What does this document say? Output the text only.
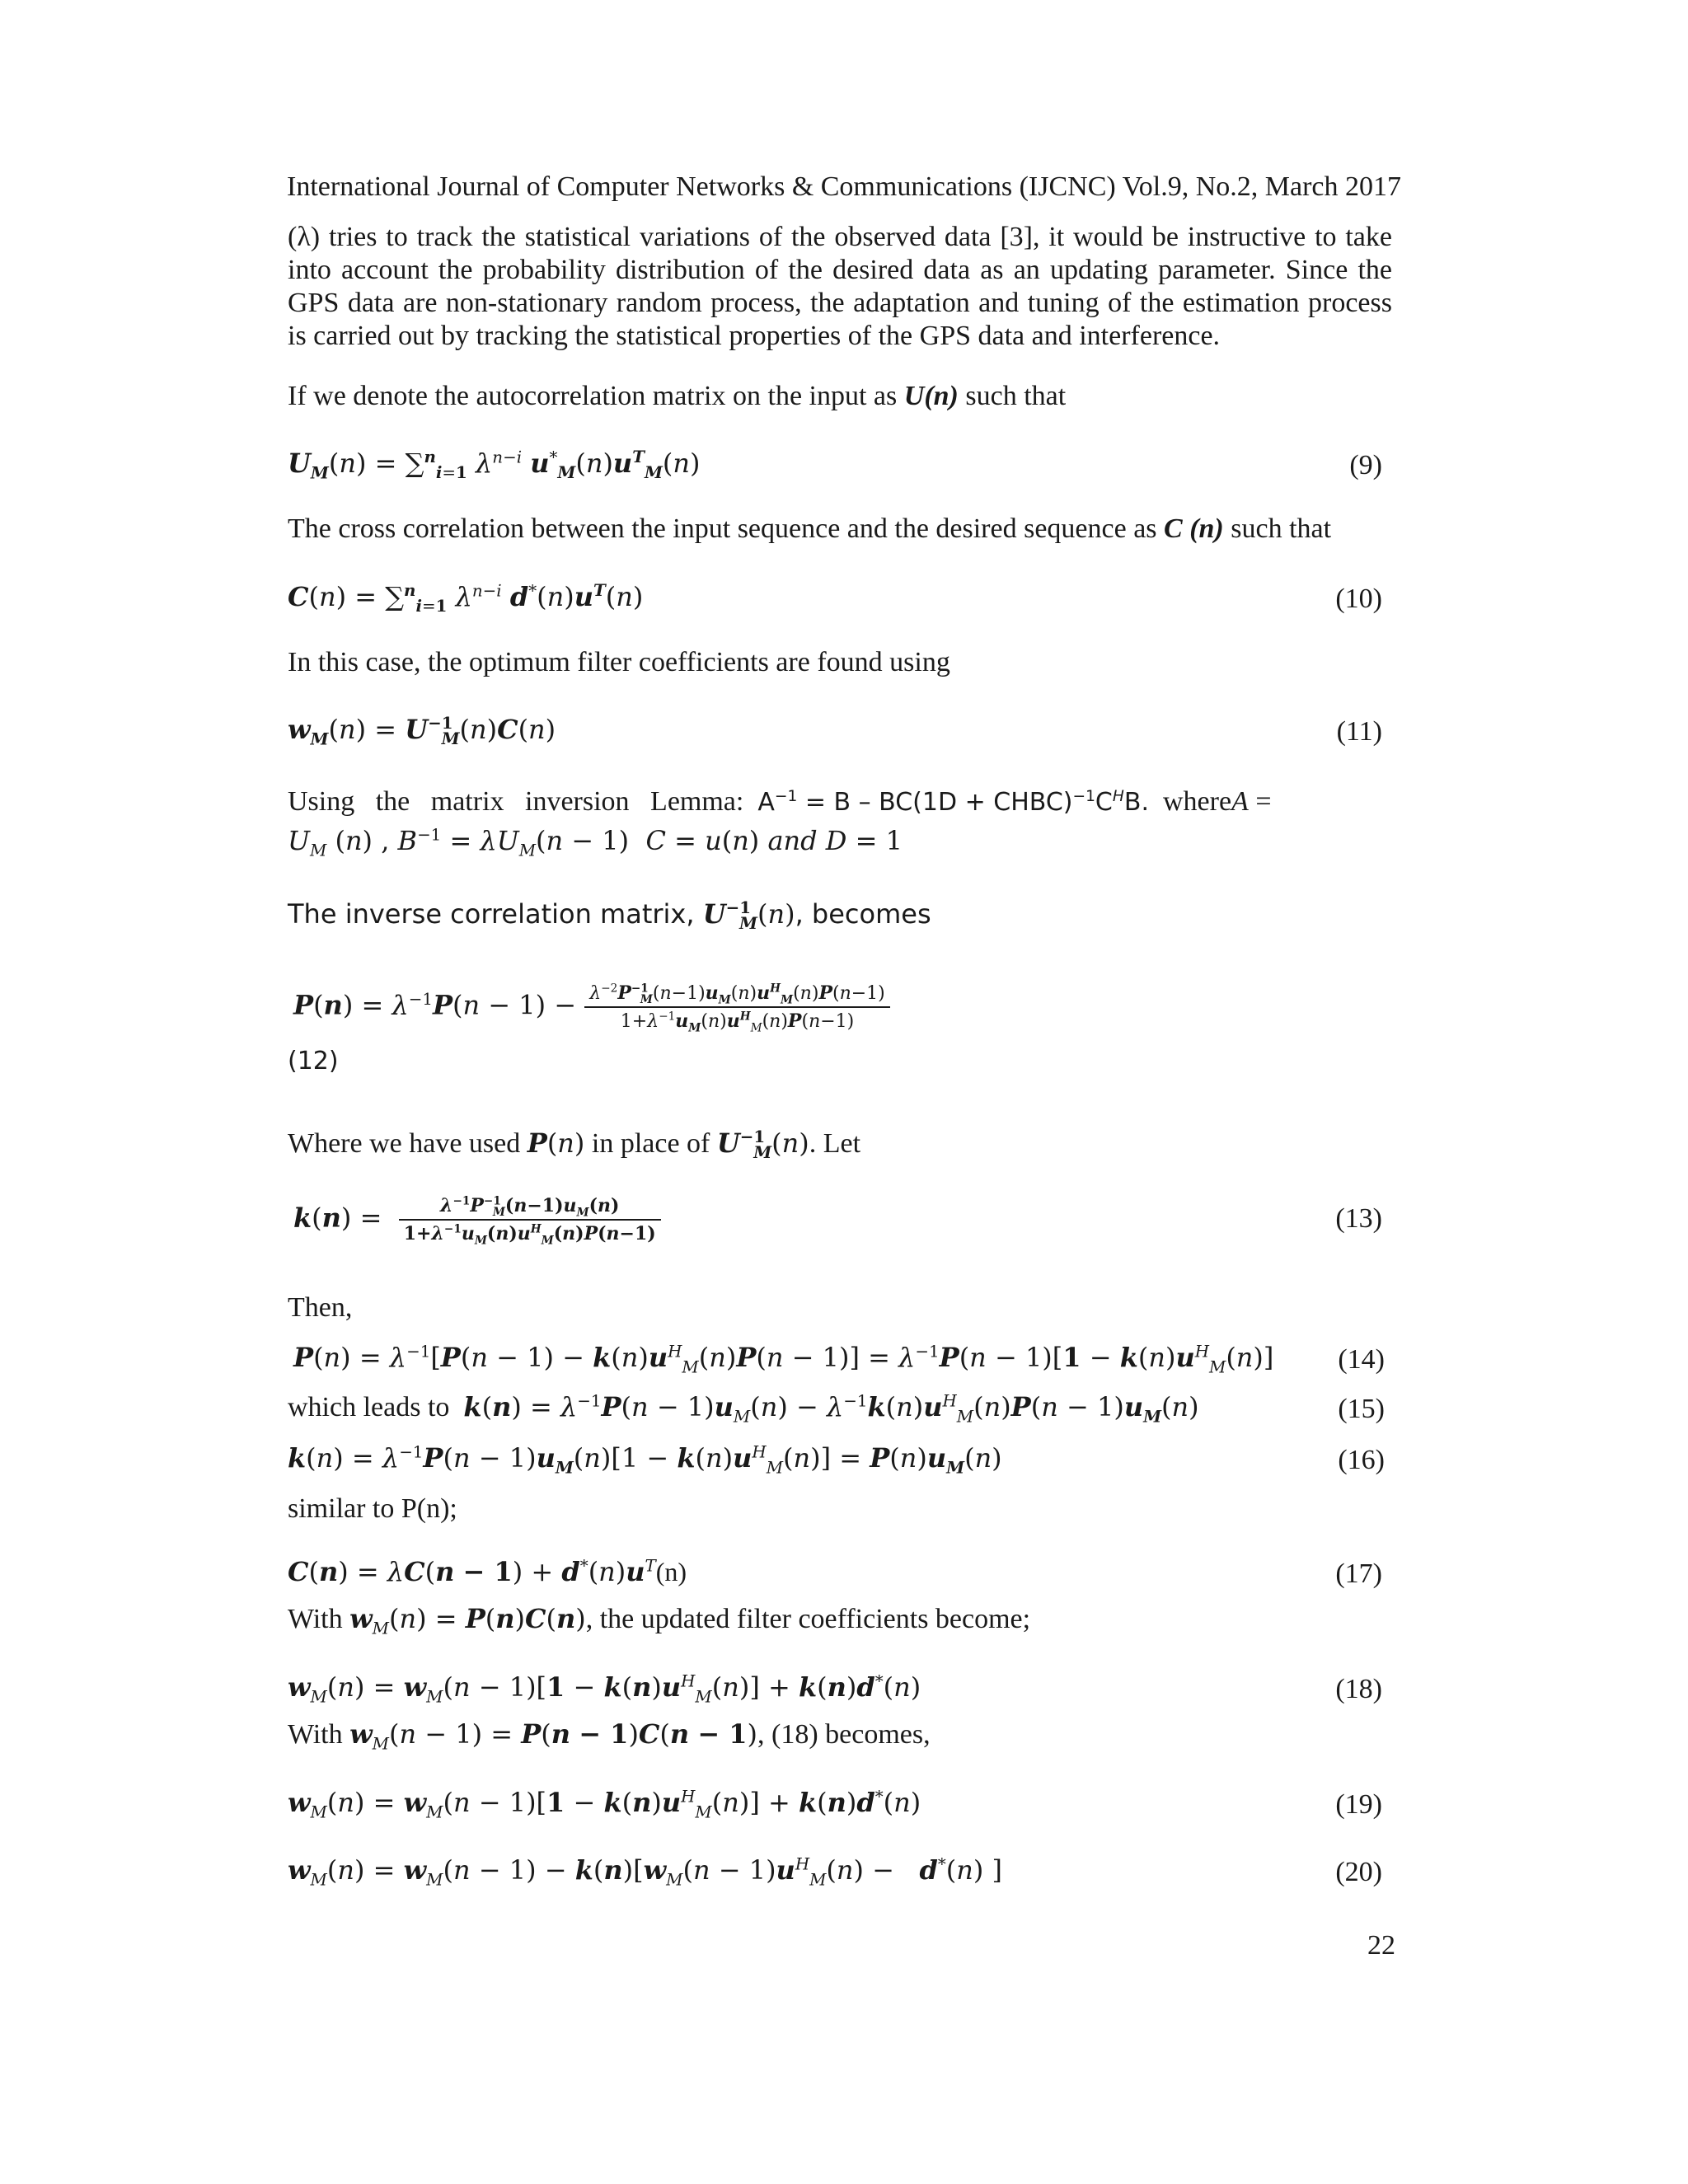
International Journal of Computer Networks & Communications (IJCNC) Vol.9, No.2, March 2017
(λ) tries to track the statistical variations of the observed data [3], it would be instructive to take into account the probability distribution of the desired data as an updating parameter. Since the GPS data are non-stationary random process, the adaptation and tuning of the estimation process is carried out by tracking the statistical properties of the GPS data and interference.
If we denote the autocorrelation matrix on the input as U(n) such that
$U_M(n) = \sum^n_{i=1}$ $\lambda^{n-i}$ $u^*_M(n)u^T_M(n)$	(9)
The cross correlation between the input sequence and the desired sequence as C (n) such that
C(n) = ∑$^n_{i=1}$ $\lambda^{n-i}$ $d^*(n)u^T(n)$	(10)
In this case, the optimum filter coefficients are found using
$w_M(n) = U^{-1}_M(n)C(n)$	(11)
Using   the   matrix   inversion   Lemma:  $A^{-1} = B - BC(1D$ + $CHBC)^{-1}C^HB$.  whereA =
$U_M$ (n) , $B^{-1} = \lambda U_M(n - 1) C = u(n)$ and D = 1
The inverse correlation matrix, $U^{-1}_M(n)$, becomes
$P(n) = \lambda^{-1}P(n - 1) - \frac{\lambda^{-2}P^{-1}_M(n-1)u_M(n)u^H_M(n)P(n-1)}{1+\lambda^{-1}u_M(n)u^H_M(n)P(n-1)}$
(12)
Where we have used P(n) in place of $U^{-1}_M(n)$. Let
$k(n) = \frac{\lambda^{-1}P^{-1}_M(n-1)u_M(n)}{1+\lambda^{-1}u_M(n)u^H_M(n)P(n-1)}$	(13)
Then,
$P(n) = \lambda^{-1}[P(n - 1) - k(n)u^H_M(n)P(n - 1)] = \lambda^{-1}P(n - 1)[1 - k(n)u^H_M(n)]$ (14)
which leads to $k(n) = \lambda^{-1}P(n - 1)u_M(n) - \lambda^{-1}k(n)u^H_M(n)P(n - 1)u_M(n)$	(15)
$k(n) = \lambda^{-1}P(n - 1)u_M(n)[1 - k(n)u^H_M(n)] = P(n)u_M(n)$	(16)
similar to P(n);
$C(n) = \lambda C(n - 1) + d^*(n)u^T(n)$	(17)
With $w_M(n) = P(n)C(n)$, the updated filter coefficients become;
$w_M(n) = w_M(n - 1)[1 - k(n)u^H_M(n)] + k(n)d^*(n)$	(18)
With $w_M(n - 1) = P(n - 1)C(n - 1)$, (18) becomes,
$w_M(n) = w_M(n - 1)[1 - k(n)u^H_M(n)] + k(n)d^*(n)$	(19)
$w_M(n) = w_M(n - 1) - k(n)[w_M(n - 1)u^H_M(n) - d^*(n)$ ]	(20)
22
